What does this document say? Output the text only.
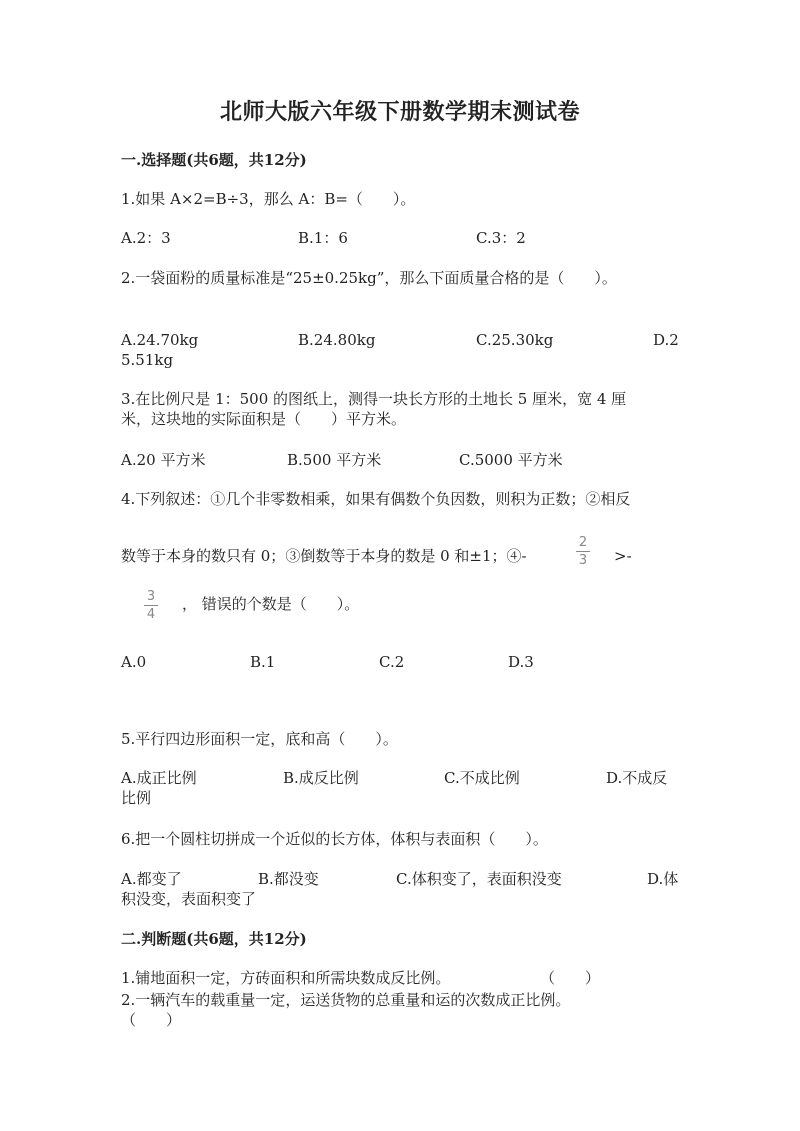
北师大版六年级下册数学期末测试卷
一.选择题(共6题，共12分)
1.如果 A×2=B÷3，那么 A：B=（　　）。
A.2：3	B.1：6	C.3：2
2.一袋面粉的质量标准是“25±0.25kg”，那么下面质量合格的是（　　）。
A.24.70kg	B.24.80kg	C.25.30kg	D.2
5.51kg
3.在比例尺是 1：500 的图纸上，测得一块长方形的土地长 5 厘米，宽 4 厘
米，这块地的实际面积是（　　）平方米。
A.20 平方米	B.500 平方米	C.5000 平方米
4.下列叙述：①几个非零数相乘，如果有偶数个负因数，则积为正数；②相反
数等于本身的数只有 0；③倒数等于本身的数是 0 和±1；④-
2
3 >-
3
4
， 错误的个数是（　　）。
A.0	B.1	C.2	D.3
5.平行四边形面积一定，底和高（　　）。
A.成正比例	B.成反比例	C.不成比例	D.不成反
比例
6.把一个圆柱切拼成一个近似的长方体，体积与表面积（　　）。
A.都变了	B.都没变	C.体积变了，表面积没变	D.体
积没变，表面积变了
二.判断题(共6题，共12分)
1.铺地面积一定，方砖面积和所需块数成反比例。	（　　）
2.一辆汽车的载重量一定，运送货物的总重量和运的次数成正比例。
（　　）
